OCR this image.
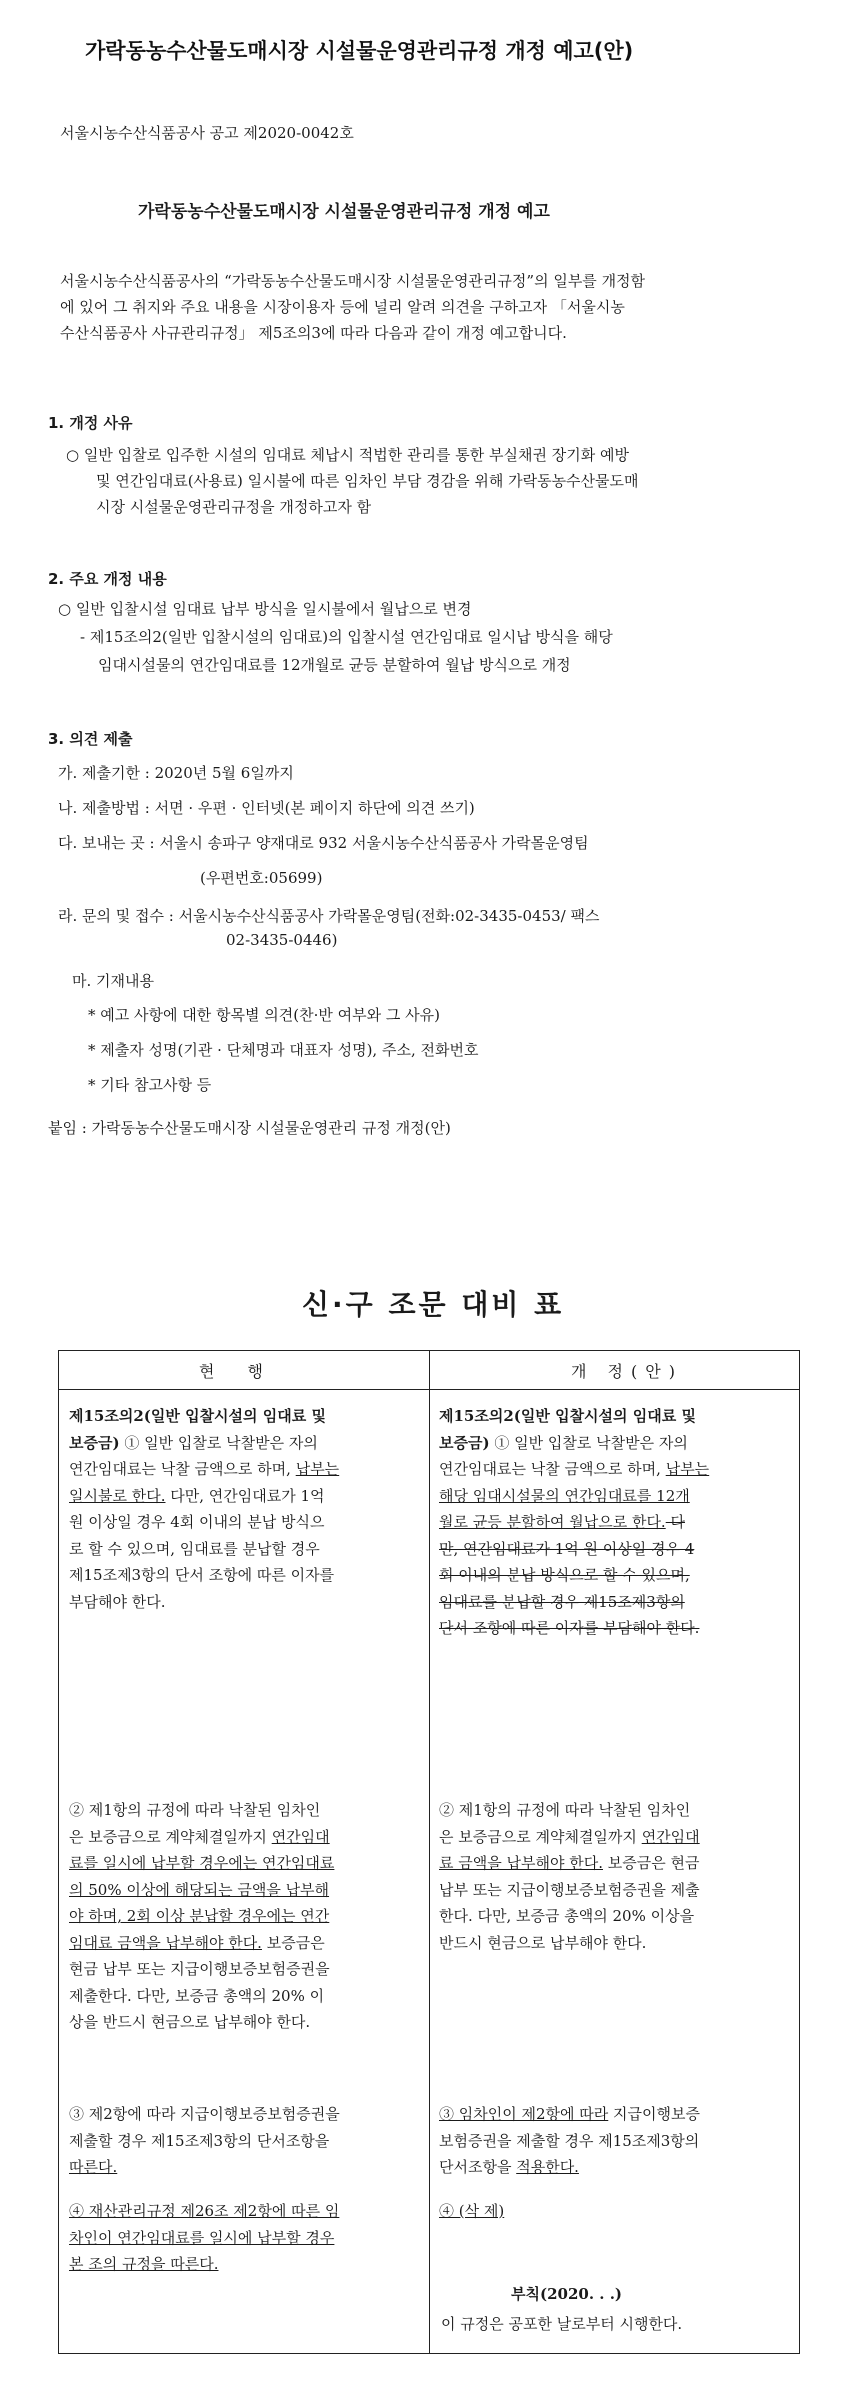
가락동농수산물도매시장 시설물운영관리규정 개정 예고(안)
서울시농수산식품공사 공고 제2020-0042호
가락동농수산물도매시장 시설물운영관리규정 개정 예고
서울시농수산식품공사의 “가락동농수산물도매시장 시설물운영관리규정”의 일부를 개정함
에 있어 그 취지와 주요 내용을 시장이용자 등에 널리 알려 의견을 구하고자 「서울시농
수산식품공사 사규관리규정」 제5조의3에 따라 다음과 같이 개정 예고합니다.
1. 개정 사유
○ 일반 입찰로 입주한 시설의 임대료 체납시 적법한 관리를 통한 부실채권 장기화 예방
및 연간임대료(사용료) 일시불에 따른 임차인 부담 경감을 위해 가락동농수산물도매
시장 시설물운영관리규정을 개정하고자 함
2. 주요 개정 내용
○ 일반 입찰시설 임대료 납부 방식을 일시불에서 월납으로 변경
- 제15조의2(일반 입찰시설의 임대료)의 입찰시설 연간임대료 일시납 방식을 해당
임대시설물의 연간임대료를 12개월로 균등 분할하여 월납 방식으로 개정
3. 의견 제출
가. 제출기한 : 2020년 5월 6일까지
나. 제출방법 : 서면 · 우편 · 인터넷(본 페이지 하단에 의견 쓰기)
다. 보내는 곳 : 서울시 송파구 양재대로 932 서울시농수산식품공사 가락몰운영팀
(우편번호:05699)
라. 문의 및 접수 : 서울시농수산식품공사 가락몰운영팀(전화:02-3435-0453/ 팩스
02-3435-0446)
마. 기재내용
* 예고 사항에 대한 항목별 의견(찬·반 여부와 그 사유)
* 제출자 성명(기관 · 단체명과 대표자 성명), 주소, 전화번호
* 기타 참고사항 등
붙임 : 가락동농수산물도매시장 시설물운영관리 규정 개정(안)
신·구 조문 대비 표
현 행	개 정(안)
제15조의2(일반 입찰시설의 임대료 및
보증금) ① 일반 입찰로 낙찰받은 자의
연간임대료는 낙찰 금액으로 하며, 납부는
일시불로 한다. 다만, 연간임대료가 1억
원 이상일 경우 4회 이내의 분납 방식으
로 할 수 있으며, 임대료를 분납할 경우
제15조제3항의 단서 조항에 따른 이자를
부담해야 한다.
② 제1항의 규정에 따라 낙찰된 임차인
은 보증금으로 계약체결일까지 연간임대
료를 일시에 납부할 경우에는 연간임대료
의 50% 이상에 해당되는 금액을 납부해
야 하며, 2회 이상 분납할 경우에는 연간
임대료 금액을 납부해야 한다. 보증금은
현금 납부 또는 지급이행보증보험증권을
제출한다. 다만, 보증금 총액의 20% 이
상을 반드시 현금으로 납부해야 한다.
③ 제2항에 따라 지급이행보증보험증권을
제출할 경우 제15조제3항의 단서조항을
따른다.
④ 재산관리규정 제26조 제2항에 따른 임
차인이 연간임대료를 일시에 납부할 경우
본 조의 규정을 따른다.
제15조의2(일반 입찰시설의 임대료 및
보증금) ① 일반 입찰로 낙찰받은 자의
연간임대료는 낙찰 금액으로 하며, 납부는
해당 임대시설물의 연간임대료를 12개
월로 균등 분할하여 월납으로 한다. 다
만, 연간임대료가 1억 원 이상일 경우 4
회 이내의 분납 방식으로 할 수 있으며,
임대료를 분납할 경우 제15조제3항의
단서 조항에 따른 이자를 부담해야 한다.
② 제1항의 규정에 따라 낙찰된 임차인
은 보증금으로 계약체결일까지 연간임대
료 금액을 납부해야 한다. 보증금은 현금
납부 또는 지급이행보증보험증권을 제출
한다. 다만, 보증금 총액의 20% 이상을
반드시 현금으로 납부해야 한다.
③ 임차인이 제2항에 따라 지급이행보증
보험증권을 제출할 경우 제15조제3항의
단서조항을 적용한다.
④ (삭 제)
부칙(2020. . .)
이 규정은 공포한 날로부터 시행한다.
